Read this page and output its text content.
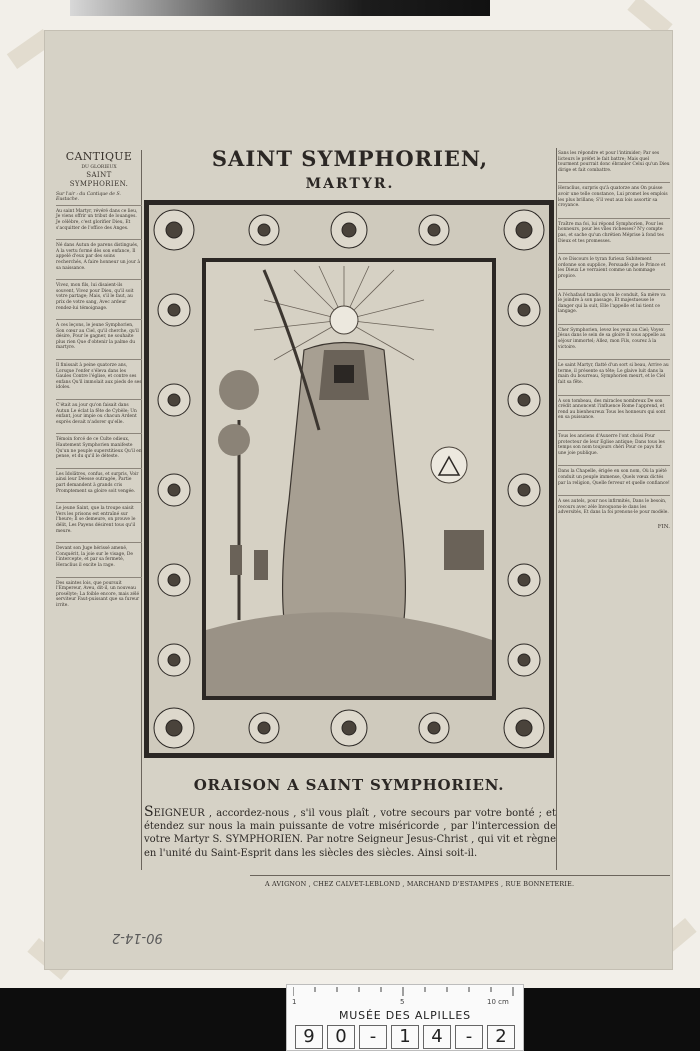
CANTIQUE
DU GLORIEUX
SAINT SYMPHORIEN.
Sur l'air : du Cantique de S. Eustache.
Au saint Martyr, révéré dans ce lieu, Je viens offrir un tribut de louanges. Je célèbre, c'est glorifier Dieu, Et s'acquitter de l'office des Anges.
Né dans Autun de parens distingués, A la vertu formé dès son enfance, Il appelé d'eux par des soins recherchés, A faire honneur un jour à sa naissance.
Vivez, mon fils, lui disaient-ils souvent, Vivez pour Dieu, qu'il soit votre partage; Mais, s'il le faut, au prix de votre sang, Avec ardeur rendez-lui témoignage.
A ces leçons, le jeune Symphorien, Son cœur au Ciel, qu'il cherche, qu'il désire, Pour le gagner, ne souhaite plus rien Que d'obtenir la palme du martyre.
Il finissait à peine quatorze ans, Lorsque l'enfer s'éleva dans les Gaules Contre l'église, et contre ses enfans Qu'il immolait aux pieds de ses idoles.
C'était au jour qu'on faisait dans Autun Le éclat la fête de Cybèle; Un enfant, jour impie ou chacun Ardent exprès devait n'adorer qu'elle.
Témoin forcé de ce Culte odieux, Hautement Symphorien manifeste Qu'un ne peuple superstitieux Qu'il en pense, et du qu'il le déteste.
Les Idolâtres, confus, et surpris, Voir ainsi leur Déesse outragée, Partie part demandent à grands cris Promptement sa gloire soit vengée.
Le jeune Saint, que la troupe saisit Vers les prisons est entraîné sur l'heure; Il se demeure, on prouve le délit, Les Payens désirent tous qu'il meure.
Devant son Juge hérissé amené, Conquérit, la joie sur le visage, De l'intercepte, et par sa fermeté, Heraclius il excite la rage.
Des saintes lois, que poursuit l'Empereur, Aveu, dit-il, un nouveau prosélyte; La foible encore, mais zélé serviteur Faut-puissant que sa fureur irrite.
SAINT SYMPHORIEN,
MARTYR.
Sans les répondre et pour l'intimider; Par ses licteurs le préfet le fait battre; Mais quel tourment pourrait donc ébranler Celui qu'un Dieu dirige et fait combattre.
Heraclius, surpris qu'à quatorze ans On puisse avoir une telle constance, Lui promet les emplois les plus brillans; S'il veut aux lois assortir sa croyance.
Traître ma foi, lui répond Symphorien, Pour les honneurs, pour les vîles richesses? N'y compte pas, et sache qu'un chrétien Méprise à fond tes Dieux et tes promesses.
A ce Discours le tyran furieux Subitement ordonne son supplice, Persuadé que le Prince et les Dieux Le verraient comme un hommage propice.
A l'échafaud tandis qu'on le conduit, Sa mère va le joindre à son passage, Et majestueuse le danger qui la suit, Elle l'appelle et lui tient ce langage.
Cher Symphorien, levez les yeux au Ciel; Voyez Jésus dans le sein de sa gloire Il vous appelle au séjour immortel; Allez, mon Fils, courez à la victoire.
Le saint Martyr, flatté d'un sort si beau, Arrive au terme, il présente sa tête; Le glaive luit dans la main du bourreau, Symphorien meurt, et le Ciel fait sa fête.
A son tombeau, des miracles nombreux De son crédit annoncent l'influence Rome l'apprend, et rend au bienheureux Tous les honneurs qui sont en sa puissance.
Tous les anciens d'Auxerre l'ont choisi Pour protecteur de leur Eglise antique; Dans tous les temps son nom toujours chéri Pour ce pays fut une joie publique.
Dans la Chapelle, érigée en son nom, Où la piété conduit un peuple immense, Quels vœux dictés par la religion, Quelle ferveur et quelle confiance!
A ses autels, pour nos infirmités, Dans le besoin, recours avec zèle Invoquons-le dans les adversités, Et dans la foi prenons-le pour modèle.
FIN.
ORAISON A SAINT SYMPHORIEN.
SEIGNEUR , accordez-nous , s'il vous plaît , votre secours par votre bonté ; et étendez sur nous la main puissante de votre miséricorde , par l'intercession de votre Martyr S. SYMPHORIEN. Par notre Seigneur Jesus-Christ , qui vit et règne en l'unité du Saint-Esprit dans les siècles des siècles. Ainsi soit-il.
A AVIGNON , CHEZ CALVET-LEBLOND , MARCHAND D'ESTAMPES , RUE BONNETERIE.
90-14-2
1	5	10 cm
MUSÉE DES ALPILLES
9	0	-	1	4	-	2
